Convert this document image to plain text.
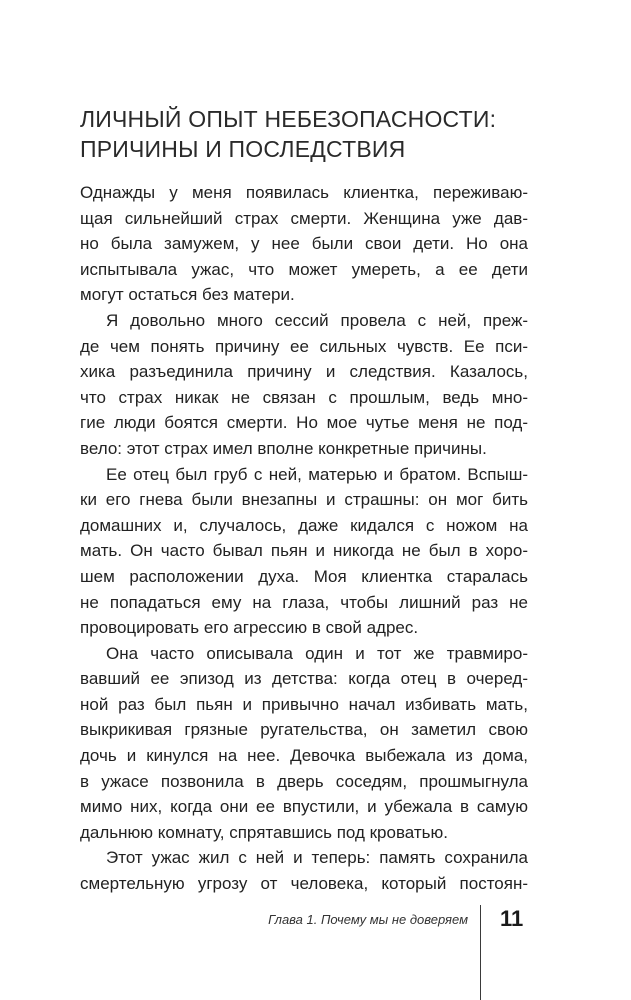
ЛИЧНЫЙ ОПЫТ НЕБЕЗОПАСНОСТИ:
ПРИЧИНЫ И ПОСЛЕДСТВИЯ
Однажды у меня появилась клиентка, переживаю-
щая сильнейший страх смерти. Женщина уже дав-
но была замужем, у нее были свои дети. Но она
испытывала ужас, что может умереть, а ее дети
могут остаться без матери.
Я довольно много сессий провела с ней, преж-
де чем понять причину ее сильных чувств. Ее пси-
хика разъединила причину и следствия. Казалось,
что страх никак не связан с прошлым, ведь мно-
гие люди боятся смерти. Но мое чутье меня не под-
вело: этот страх имел вполне конкретные причины.
Ее отец был груб с ней, матерью и братом. Вспыш-
ки его гнева были внезапны и страшны: он мог бить
домашних и, случалось, даже кидался с ножом на
мать. Он часто бывал пьян и никогда не был в хоро-
шем расположении духа. Моя клиентка старалась
не попадаться ему на глаза, чтобы лишний раз не
провоцировать его агрессию в свой адрес.
Она часто описывала один и тот же травмиро-
вавший ее эпизод из детства: когда отец в очеред-
ной раз был пьян и привычно начал избивать мать,
выкрикивая грязные ругательства, он заметил свою
дочь и кинулся на нее. Девочка выбежала из дома,
в ужасе позвонила в дверь соседям, прошмыгнула
мимо них, когда они ее впустили, и убежала в самую
дальнюю комнату, спрятавшись под кроватью.
Этот ужас жил с ней и теперь: память сохранила
смертельную угрозу от человека, который постоян-
Глава 1. Почему мы не доверяем 11
